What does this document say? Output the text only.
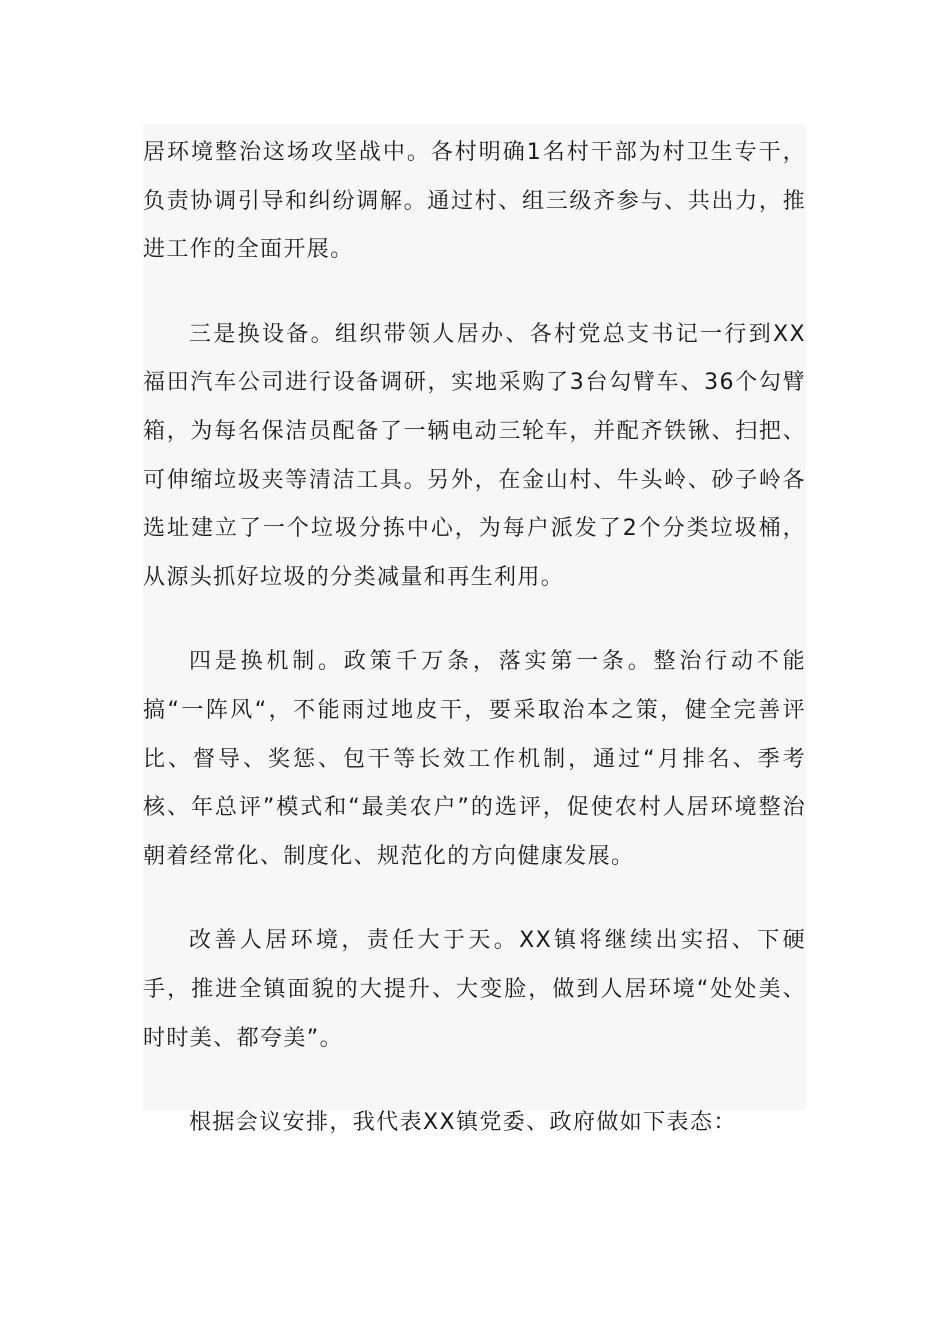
居环境整治这场攻坚战中。各村明确1名村干部为村卫生专干，负责协调引导和纠纷调解。通过村、组三级齐参与、共出力，推进工作的全面开展。

三是换设备。组织带领人居办、各村党总支书记一行到XX福田汽车公司进行设备调研，实地采购了3台勾臂车、36个勾臂箱，为每名保洁员配备了一辆电动三轮车，并配齐铁锹、扫把、可伸缩垃圾夹等清洁工具。另外，在金山村、牛头岭、砂子岭各选址建立了一个垃圾分拣中心，为每户派发了2个分类垃圾桶，从源头抓好垃圾的分类减量和再生利用。

四是换机制。政策千万条，落实第一条。整治行动不能搞“一阵风“，不能雨过地皮干，要采取治本之策，健全完善评比、督导、奖惩、包干等长效工作机制，通过“月排名、季考核、年总评”模式和“最美农户”的选评，促使农村人居环境整治朝着经常化、制度化、规范化的方向健康发展。

改善人居环境，责任大于天。XX镇将继续出实招、下硬手，推进全镇面貌的大提升、大变脸，做到人居环境“处处美、时时美、都夸美”。

根据会议安排，我代表XX镇党委、政府做如下表态：
